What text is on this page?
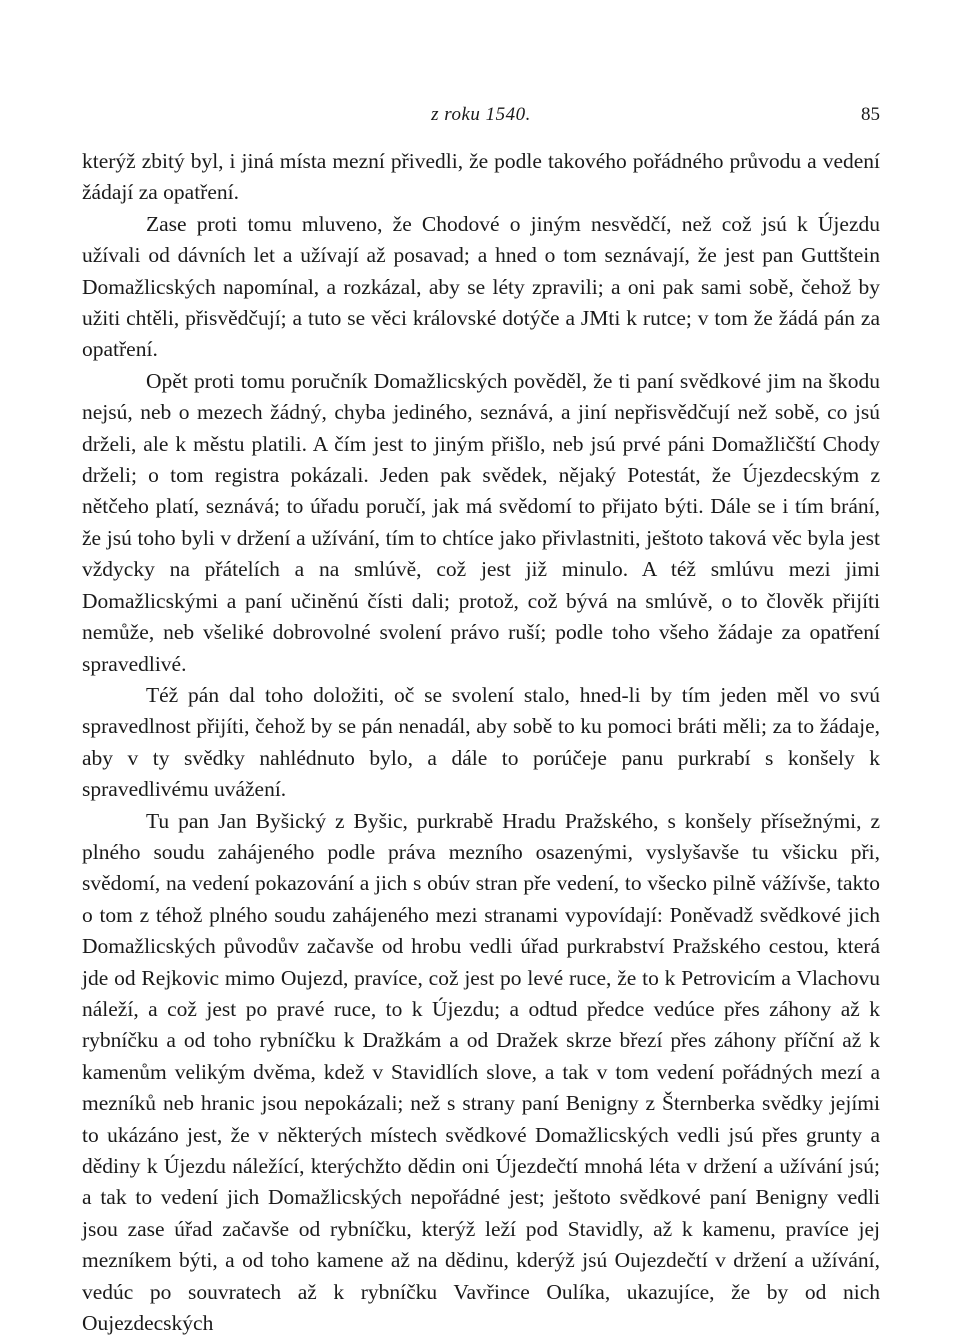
z roku 1540.	85

kterýž zbitý byl, i jiná místa mezní přivedli, že podle takového pořádného průvodu a vedení žádají za opatření.

Zase proti tomu mluveno, že Chodové o jiným nesvědčí, než což jsú k Újezdu užívali od dávních let a užívají až posavad; a hned o tom seznávají, že jest pan Guttštein Domažlicských napomínal, a rozkázal, aby se léty zpravili; a oni pak sami sobě, čehož by užiti chtěli, přisvědčují; a tuto se věci královské dotýče a JMti k rutce; v tom že žádá pán za opatření.

Opět proti tomu poručník Domažlicských pověděl, že ti paní svědkové jim na škodu nejsú, neb o mezech žádný, chyba jediného, seznává, a jiní nepřisvědčují než sobě, co jsú drželi, ale k městu platili. A čím jest to jiným přišlo, neb jsú prvé páni Domažličští Chody drželi; o tom registra pokázali. Jeden pak svědek, nějaký Potestát, že Újezdecským z nětčeho platí, seznává; to úřadu poručí, jak má svědomí to přijato býti. Dále se i tím brání, že jsú toho byli v držení a užívání, tím to chtíce jako přivlastniti, ještoto taková věc byla jest vždycky na přátelích a na smlúvě, což jest již minulo. A též smlúvu mezi jimi Domažlicskými a paní učiněnú čísti dali; protož, což bývá na smlúvě, o to člověk přijíti nemůže, neb všeliké dobrovolné svolení právo ruší; podle toho všeho žádaje za opatření spravedlivé.

Též pán dal toho doložiti, oč se svolení stalo, hned-li by tím jeden měl vo svú spravedlnost přijíti, čehož by se pán nenadál, aby sobě to ku pomoci bráti měli; za to žádaje, aby v ty svědky nahlédnuto bylo, a dále to porúčeje panu purkrabí s konšely k spravedlivému uvážení.

Tu pan Jan Byšický z Byšic, purkrabě Hradu Pražského, s konšely přísežnými, z plného soudu zahájeného podle práva mezního osazenými, vyslyšavše tu všicku při, svědomí, na vedení pokazování a jich s obúv stran pře vedení, to všecko pilně vážívše, takto o tom z téhož plného soudu zahájeného mezi stranami vypovídají: Poněvadž svědkové jich Domažlicských původův začavše od hrobu vedli úřad purkrabství Pražského cestou, která jde od Rejkovic mimo Oujezd, pravíce, což jest po levé ruce, že to k Petrovicím a Vlachovu náleží, a což jest po pravé ruce, to k Újezdu; a odtud předce vedúce přes záhony až k rybníčku a od toho rybníčku k Dražkám a od Dražek skrze březí přes záhony příční až k kamenům velikým dvěma, kdež v Stavidlích slove, a tak v tom vedení pořádných mezí a mezníků neb hranic jsou nepokázali; než s strany paní Benigny z Šternberka svědky jejími to ukázáno jest, že v některých místech svědkové Domažlicských vedli jsú přes grunty a dědiny k Újezdu náležící, kterýchžto dědin oni Újezdečtí mnohá léta v držení a užívání jsú; a tak to vedení jich Domažlicských nepořádné jest; ještoto svědkové paní Benigny vedli jsou zase úřad začavše od rybníčku, kterýž leží pod Stavidly, až k kamenu, pravíce jej mezníkem býti, a od toho kamene až na dědinu, kderýž jsú Oujezdečtí v držení a užívání, vedúc po souvratech až k rybníčku Vavřince Oulíka, ukazujíce, že by od nich Oujezdecských
